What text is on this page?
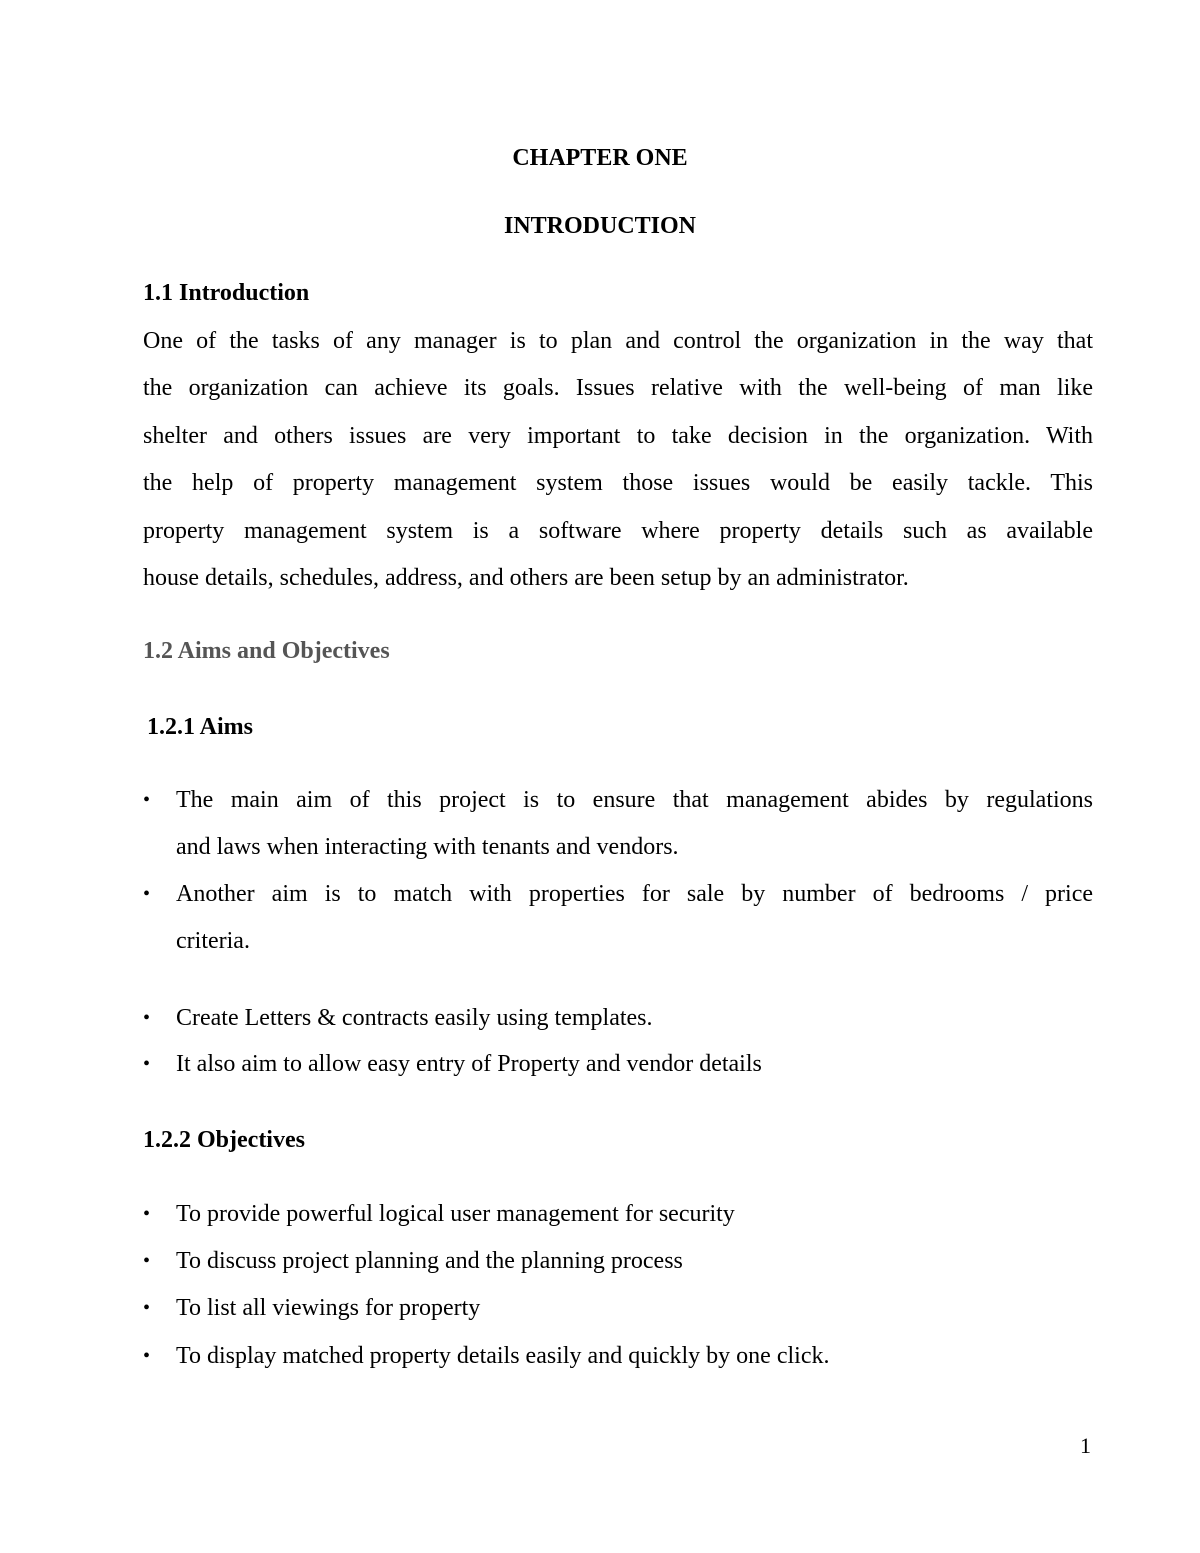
CHAPTER ONE

INTRODUCTION

1.1 Introduction

One of the tasks of any manager is to plan and control the organization in the way that
the organization can achieve its goals. Issues relative with the well-being of man like
shelter and others issues are very important to take decision in the organization. With
the help of property management system those issues would be easily tackle. This
property management system is a software where property details such as available
house details, schedules, address, and others are been setup by an administrator.

1.2 Aims and Objectives

1.2.1 Aims

•	The main aim of this project is to ensure that management abides by regulations
and laws when interacting with tenants and vendors.
•	Another aim is to match with properties for sale by number of bedrooms / price
criteria.
•	Create Letters & contracts easily using templates.
•	It also aim to allow easy entry of Property and vendor details

1.2.2 Objectives

•	To provide powerful logical user management for security
•	To discuss project planning and the planning process
•	To list all viewings for property
•	To display matched property details easily and quickly by one click.

1
